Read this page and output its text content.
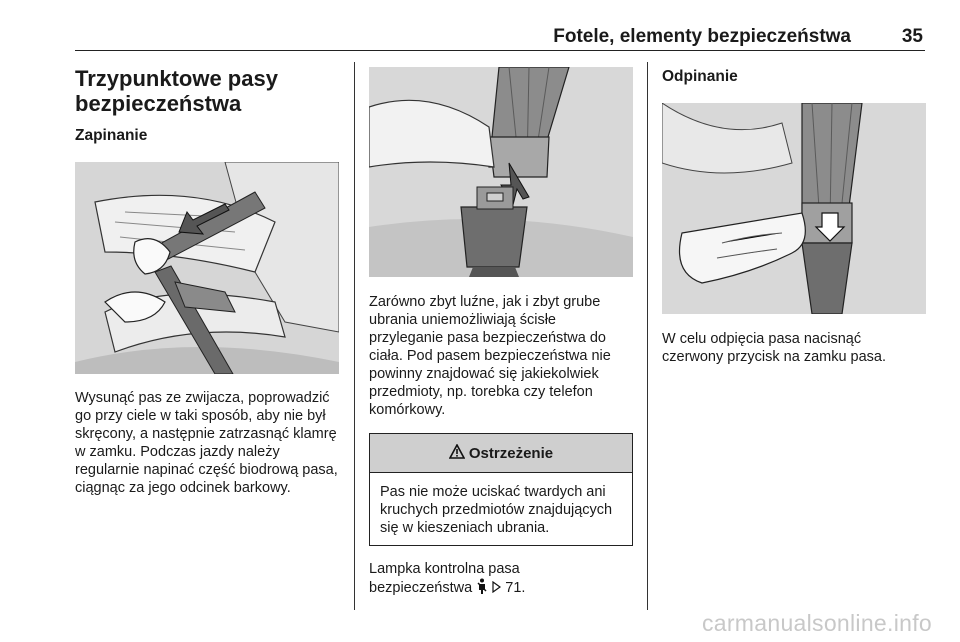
Fotele, elementy bezpieczeństwa	35
Trzypunktowe pasy bezpieczeństwa
Zapinanie

Wysunąć pas ze zwijacza, poprowadzić go przy ciele w taki sposób, aby nie był skręcony, a następnie zatrzasnąć klamrę w zamku. Podczas jazdy należy regularnie napinać część biodrową pasa, ciągnąc za jego odcinek barkowy.

Zarówno zbyt luźne, jak i zbyt grube ubrania uniemożliwiają ścisłe przyleganie pasa bezpieczeństwa do ciała. Pod pasem bezpieczeństwa nie powinny znajdować się jakiekolwiek przedmioty, np. torebka czy telefon komórkowy.

Ostrzeżenie
Pas nie może uciskać twardych ani kruchych przedmiotów znajdujących się w kieszeniach ubrania.

Lampka kontrolna pasa
bezpieczeństwa 71.

Odpinanie

W celu odpięcia pasa nacisnąć czerwony przycisk na zamku pasa.

carmanualsonline.info
